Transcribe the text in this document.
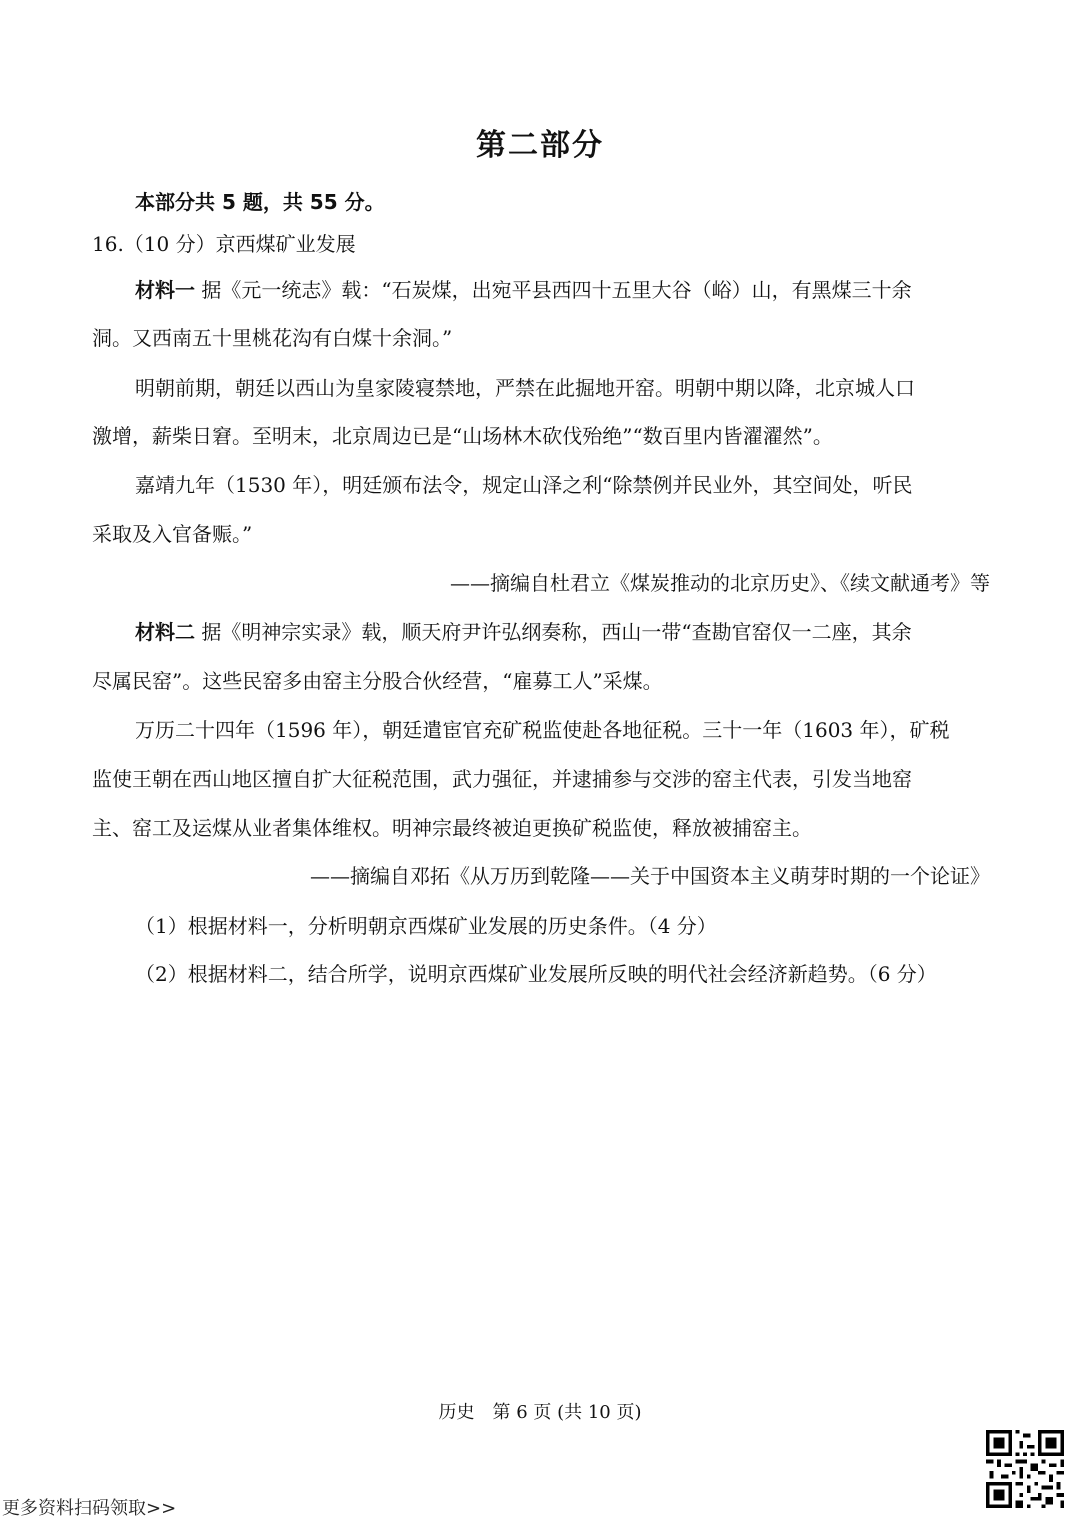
第二部分
本部分共 5 题，共 55 分。
16.（10 分）京西煤矿业发展
材料一 据《元一统志》载：“石炭煤，出宛平县西四十五里大谷（峪）山，有黑煤三十余
洞。又西南五十里桃花沟有白煤十余洞。”
明朝前期，朝廷以西山为皇家陵寝禁地，严禁在此掘地开窑。明朝中期以降，北京城人口
激增，薪柴日窘。至明末，北京周边已是“山场林木砍伐殆绝”“数百里内皆濯濯然”。
嘉靖九年（1530 年），明廷颁布法令，规定山泽之利“除禁例并民业外，其空间处，听民
采取及入官备赈。”
——摘编自杜君立《煤炭推动的北京历史》、《续文献通考》等
材料二 据《明神宗实录》载，顺天府尹许弘纲奏称，西山一带“查勘官窑仅一二座，其余
尽属民窑”。这些民窑多由窑主分股合伙经营，“雇募工人”采煤。
万历二十四年（1596 年），朝廷遣宦官充矿税监使赴各地征税。三十一年（1603 年），矿税
监使王朝在西山地区擅自扩大征税范围，武力强征，并逮捕参与交涉的窑主代表，引发当地窑
主、窑工及运煤从业者集体维权。明神宗最终被迫更换矿税监使，释放被捕窑主。
——摘编自邓拓《从万历到乾隆——关于中国资本主义萌芽时期的一个论证》
（1）根据材料一，分析明朝京西煤矿业发展的历史条件。（4 分）
（2）根据材料二，结合所学，说明京西煤矿业发展所反映的明代社会经济新趋势。（6 分）
历史　第 6 页 (共 10 页)
更多资料扫码领取>>
